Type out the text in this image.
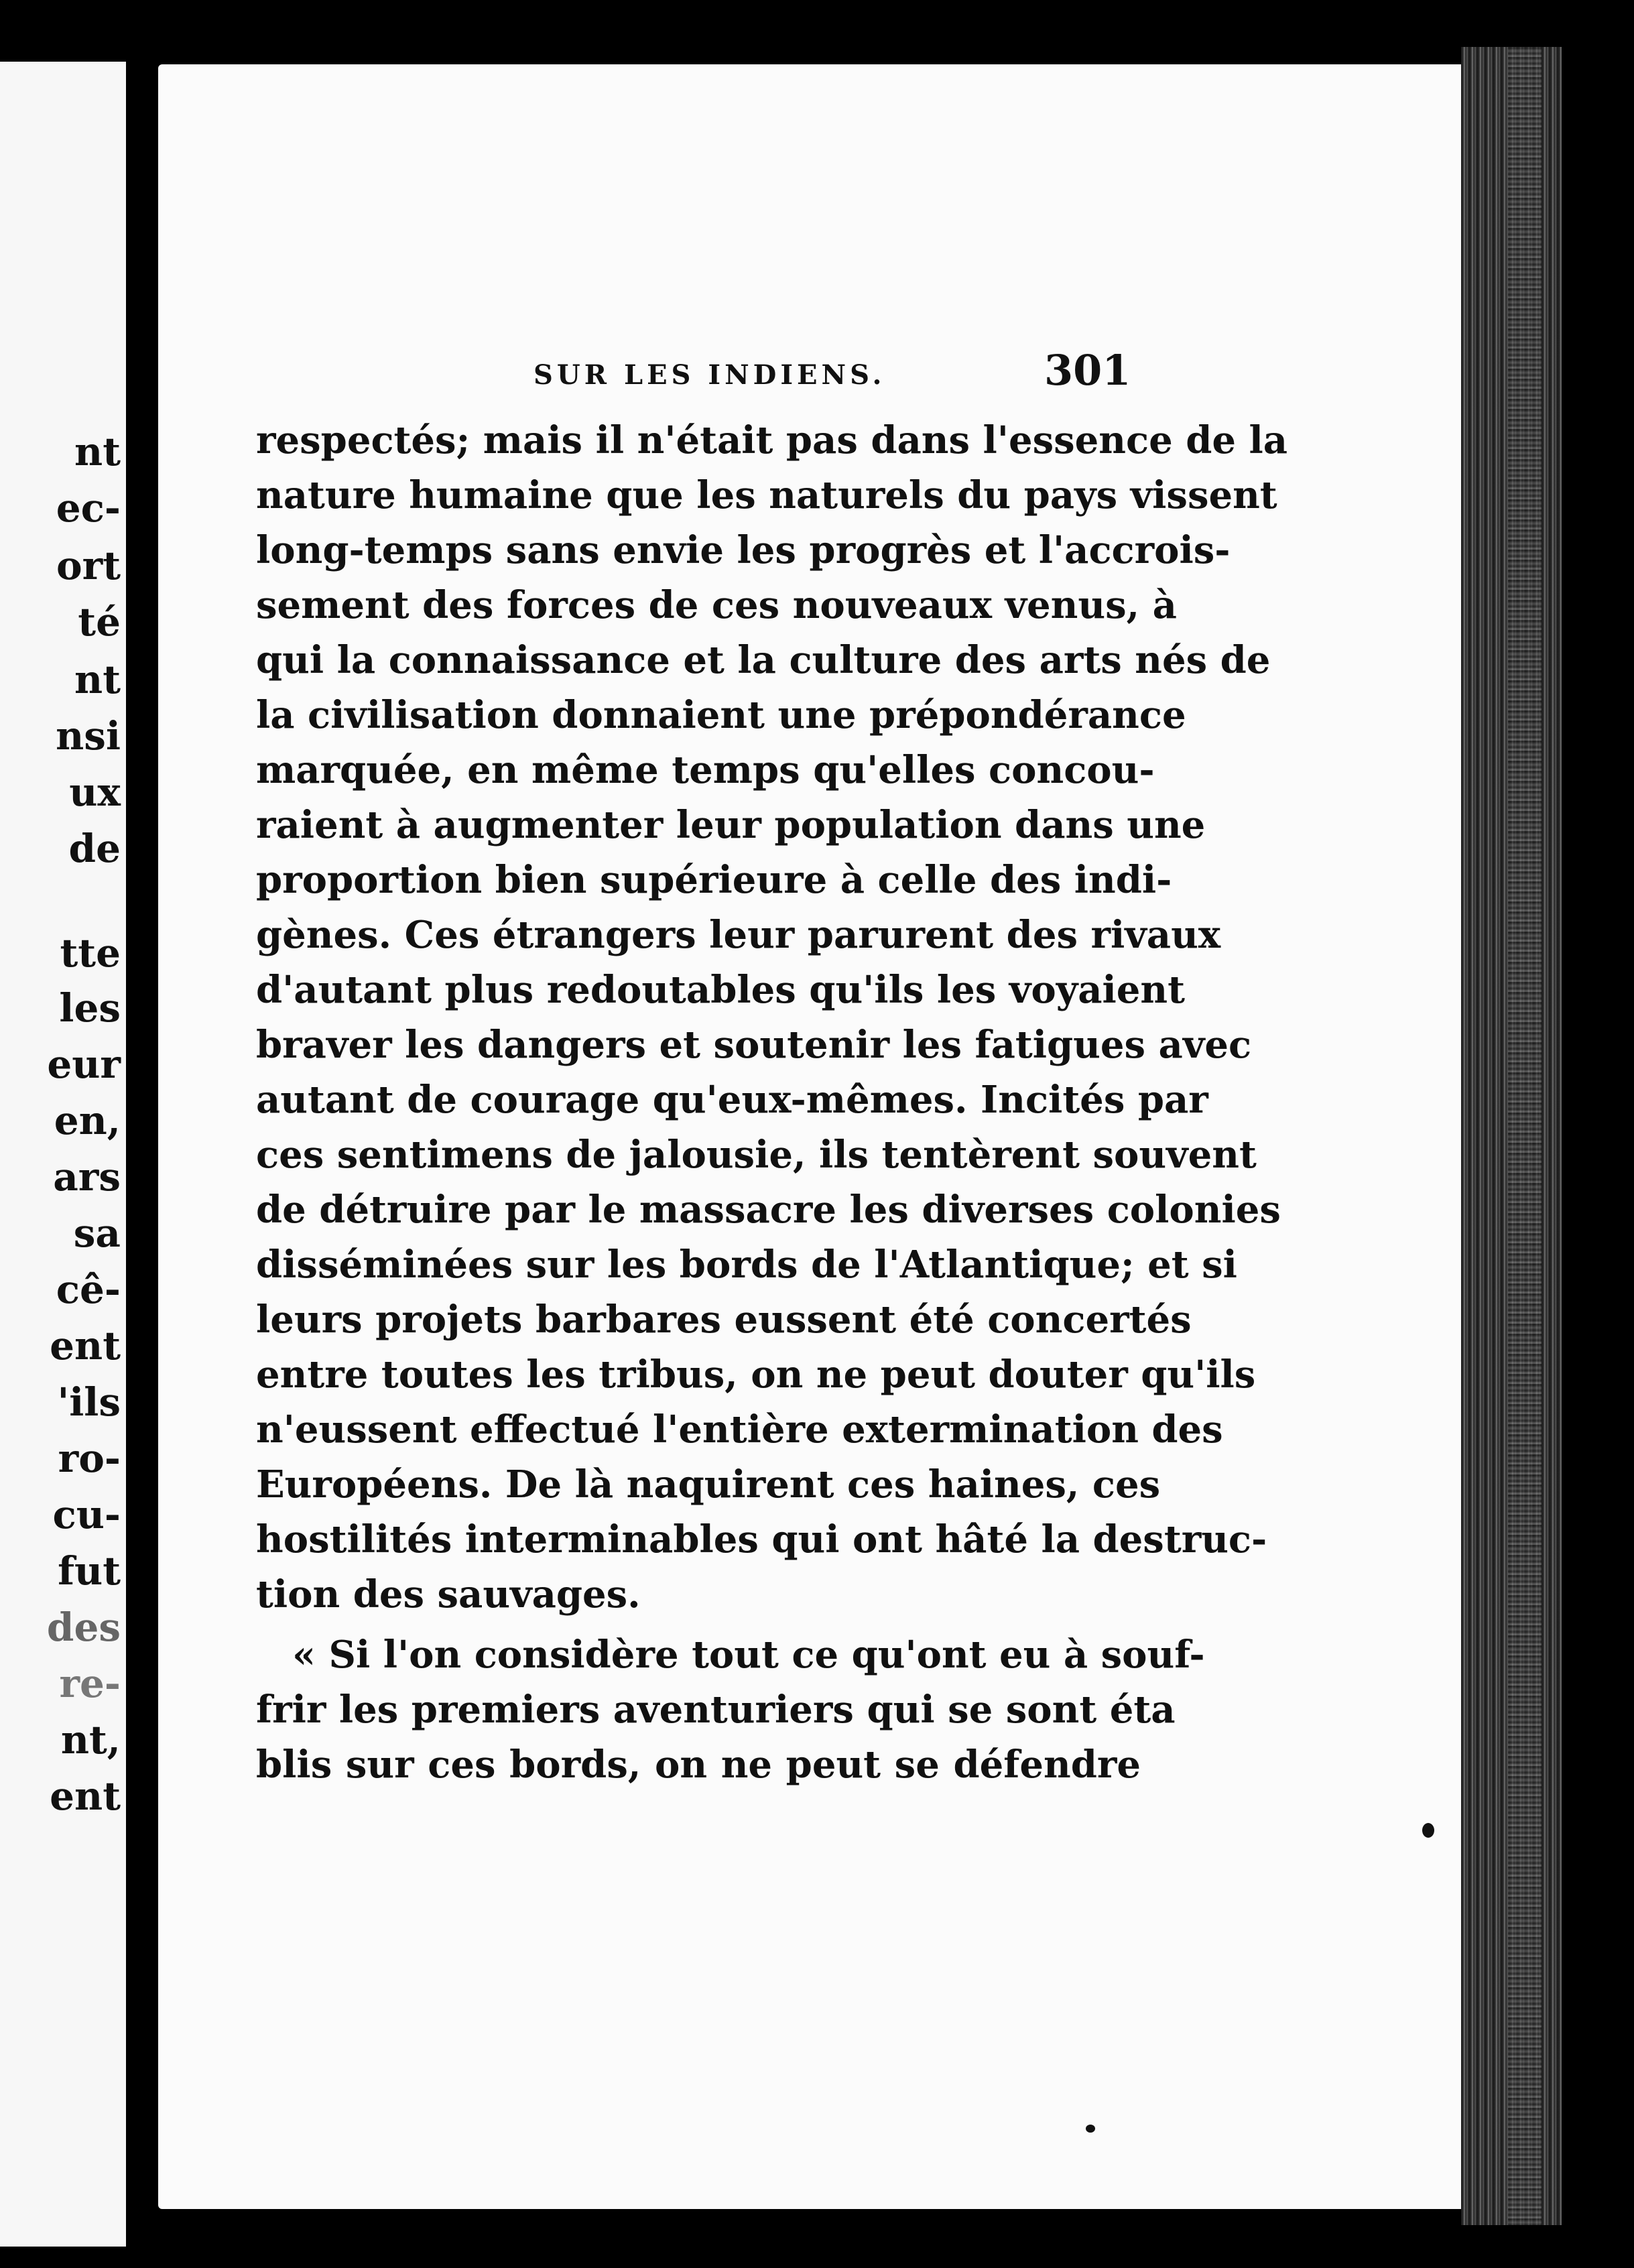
nt
ec-
ort
té
nt
nsi
ux
de
tte
les
eur
en,
ars
sa
cê-
ent
'ils
ro-
cu-
fut
des
re-
nt,
ent
SUR LES INDIENS.	301
respectés; mais il n'était pas dans l'essence de la
nature humaine que les naturels du pays vissent
long-temps sans envie les progrès et l'accrois-
sement des forces de ces nouveaux venus, à
qui la connaissance et la culture des arts nés de
la civilisation donnaient une prépondérance
marquée, en même temps qu'elles concou-
raient à augmenter leur population dans une
proportion bien supérieure à celle des indi-
gènes. Ces étrangers leur parurent des rivaux
d'autant plus redoutables qu'ils les voyaient
braver les dangers et soutenir les fatigues avec
autant de courage qu'eux-mêmes. Incités par
ces sentimens de jalousie, ils tentèrent souvent
de détruire par le massacre les diverses colonies
disséminées sur les bords de l'Atlantique; et si
leurs projets barbares eussent été concertés
entre toutes les tribus, on ne peut douter qu'ils
n'eussent effectué l'entière extermination des
Européens. De là naquirent ces haines, ces
hostilités interminables qui ont hâté la destruc-
tion des sauvages.
« Si l'on considère tout ce qu'ont eu à souf-
frir les premiers aventuriers qui se sont éta
blis sur ces bords, on ne peut se défendre
